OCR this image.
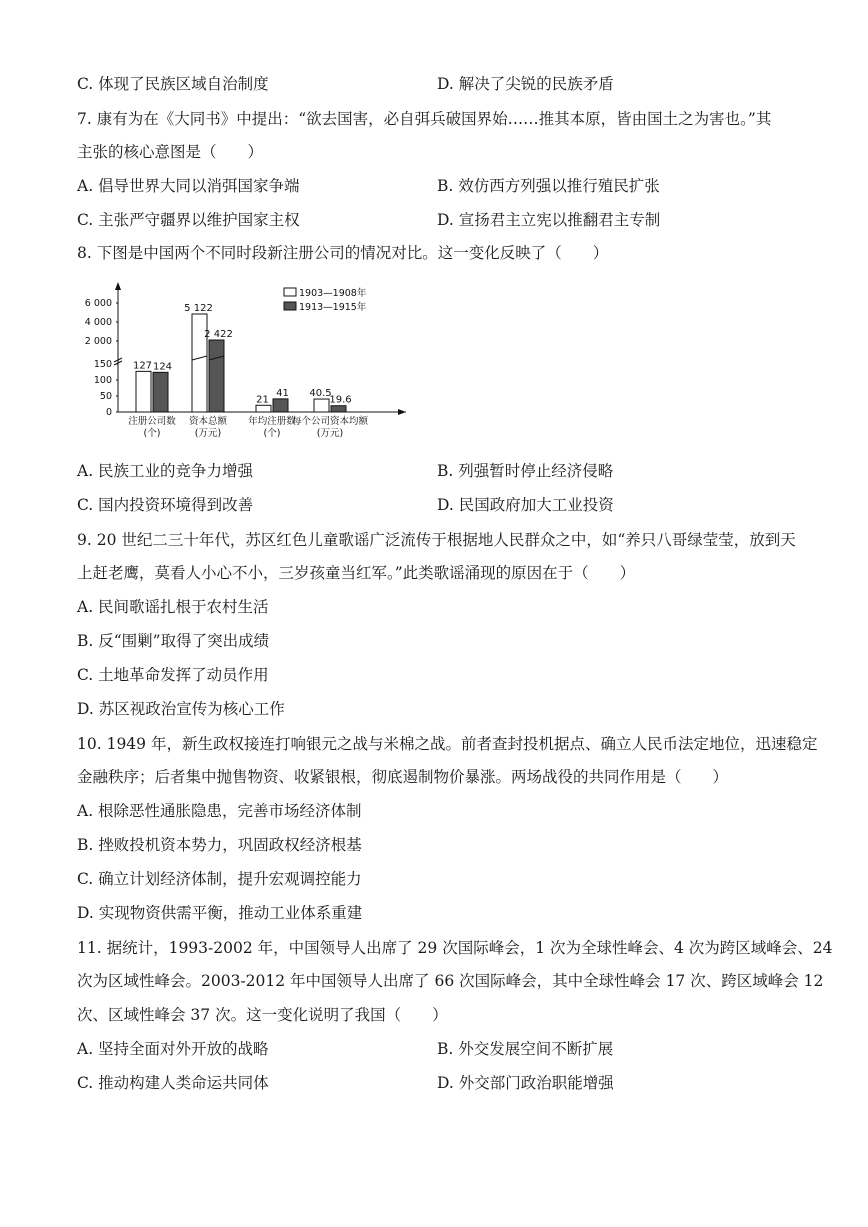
C. 体现了民族区域自治制度	D. 解决了尖锐的民族矛盾
7. 康有为在《大同书》中提出：“欲去国害，必自弭兵破国界始……推其本原，皆由国土之为害也。”其
主张的核心意图是（　　）
A. 倡导世界大同以消弭国家争端	B. 效仿西方列强以推行殖民扩张
C. 主张严守疆界以维护国家主权	D. 宣扬君主立宪以推翻君主专制
8. 下图是中国两个不同时段新注册公司的情况对比。这一变化反映了（　　）
6 000
4 000
2 000
150
100
50
0
127 124
5 122
2 422
21
41 40.5
19.6
注册公司数
(个)
资本总额
(万元)
年均注册数
(个)
每个公司资本均额
(万元)
1903—1908年
1913—1915年
A. 民族工业的竞争力增强	B. 列强暂时停止经济侵略
C. 国内投资环境得到改善	D. 民国政府加大工业投资
9. 20 世纪二三十年代，苏区红色儿童歌谣广泛流传于根据地人民群众之中，如“养只八哥绿莹莹，放到天
上赶老鹰，莫看人小心不小，三岁孩童当红军。”此类歌谣涌现的原因在于（　　）
A. 民间歌谣扎根于农村生活
B. 反“围剿”取得了突出成绩
C. 土地革命发挥了动员作用
D. 苏区视政治宣传为核心工作
10. 1949 年，新生政权接连打响银元之战与米棉之战。前者查封投机据点、确立人民币法定地位，迅速稳定
金融秩序；后者集中抛售物资、收紧银根，彻底遏制物价暴涨。两场战役的共同作用是（　　）
A. 根除恶性通胀隐患，完善市场经济体制
B. 挫败投机资本势力，巩固政权经济根基
C. 确立计划经济体制，提升宏观调控能力
D. 实现物资供需平衡，推动工业体系重建
11. 据统计，1993-2002 年，中国领导人出席了 29 次国际峰会，1 次为全球性峰会、4 次为跨区域峰会、24
次为区域性峰会。2003-2012 年中国领导人出席了 66 次国际峰会，其中全球性峰会 17 次、跨区域峰会 12
次、区域性峰会 37 次。这一变化说明了我国（　　）
A. 坚持全面对外开放的战略	B. 外交发展空间不断扩展
C. 推动构建人类命运共同体	D. 外交部门政治职能增强
